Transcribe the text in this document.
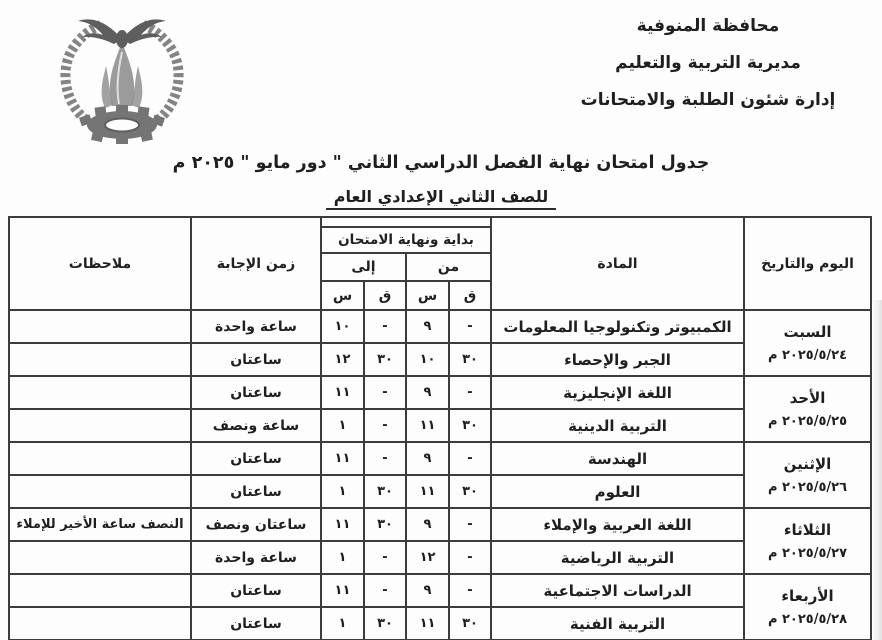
محافظة المنوفية
مديرية التربية والتعليم
إدارة شئون الطلبة والامتحانات
جدول امتحان نهاية الفصل الدراسي الثاني " دور مايو " ٢٠٢٥ م
للصف الثاني الإعدادي العام
اليوم والتاريخ	المادة	بداية ونهاية الامتحان				زمن الإجابة	ملاحظات
		من		إلى			
		ق	س	ق	س		
السبت
٢٠٢٥/٥/٢٤ م	الكمبيوتر وتكنولوجيا المعلومات	-	٩	-	١٠	ساعة واحدة	
	الجبر والإحصاء	٣٠	١٠	٣٠	١٢	ساعتان	
الأحد
٢٠٢٥/٥/٢٥ م	اللغة الإنجليزية	-	٩	-	١١	ساعتان	
	التربية الدينية	٣٠	١١	-	١	ساعة ونصف	
الإثنين
٢٠٢٥/٥/٢٦ م	الهندسة	-	٩	-	١١	ساعتان	
	العلوم	٣٠	١١	٣٠	١	ساعتان	
الثلاثاء
٢٠٢٥/٥/٢٧ م	اللغة العربية والإملاء	-	٩	٣٠	١١	ساعتان ونصف	النصف ساعة الأخير للإملاء
	التربية الرياضية	-	١٢	-	١	ساعة واحدة	
الأربعاء
٢٠٢٥/٥/٢٨ م	الدراسات الاجتماعية	-	٩	-	١١	ساعتان	
	التربية الفنية	٣٠	١١	٣٠	١	ساعتان	
